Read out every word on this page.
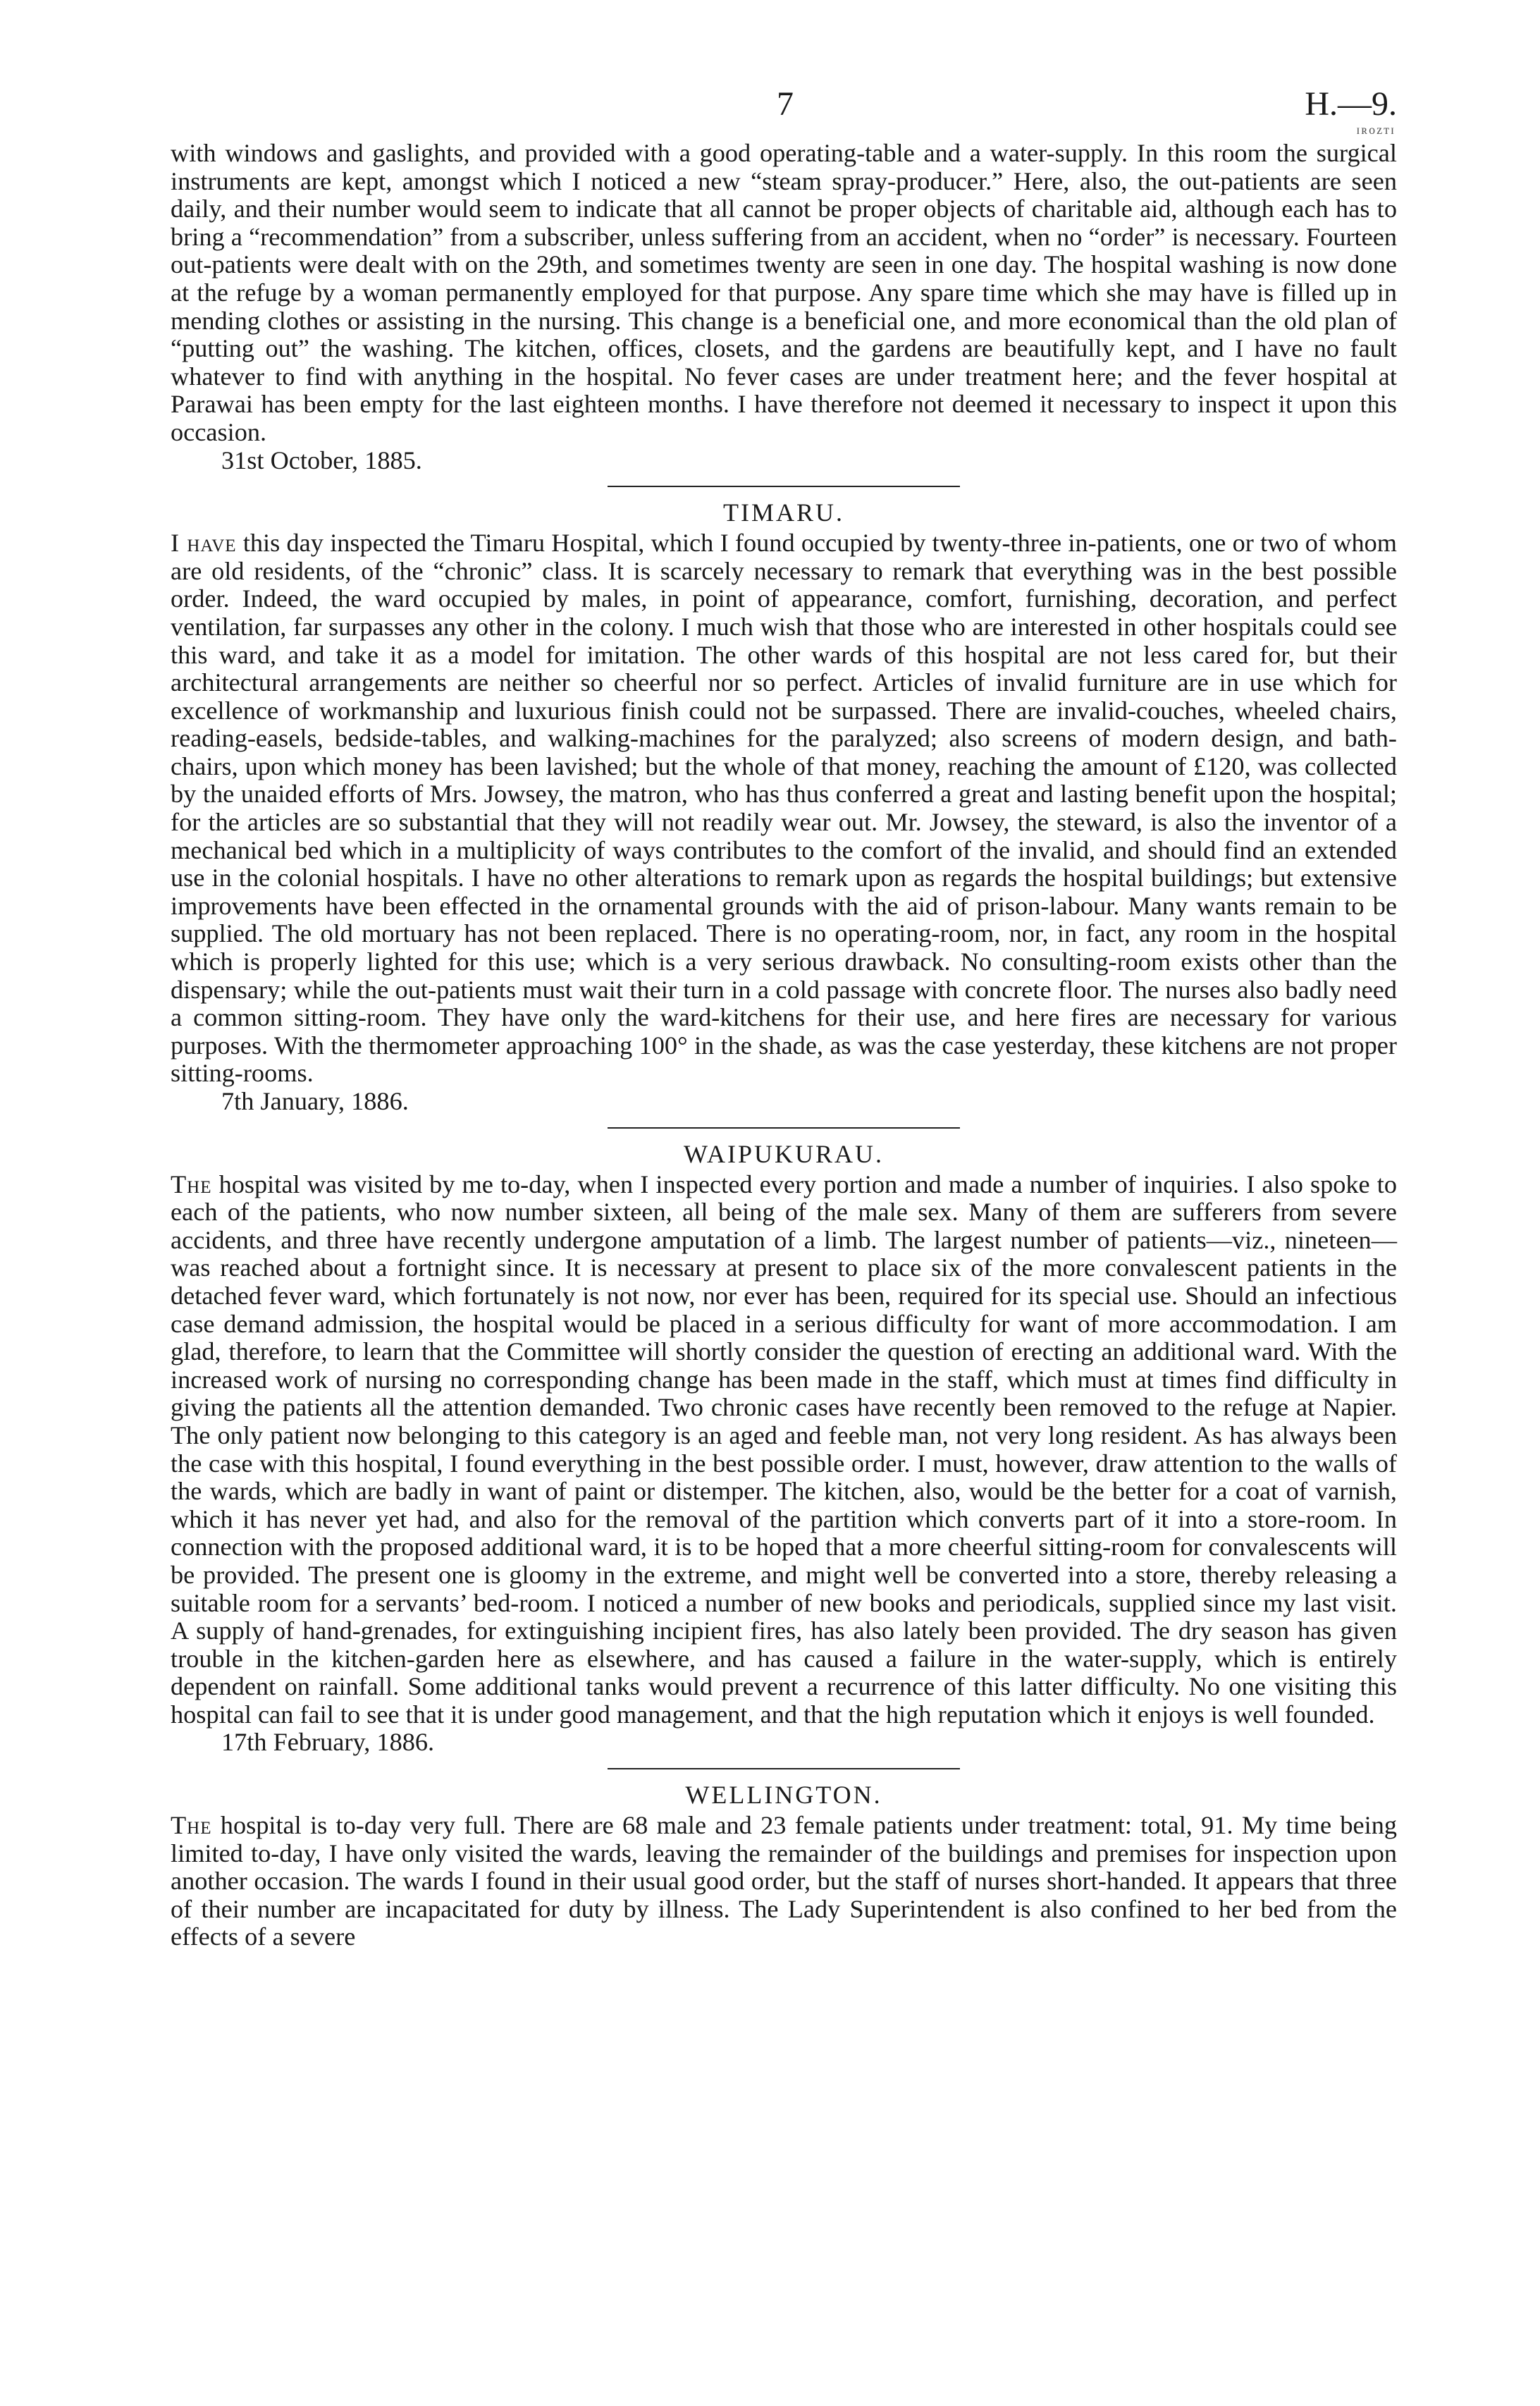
7	H.—9.
ɪʀᴏᴢᴛɪ

with windows and gaslights, and provided with a good operating-table and a water-supply. In this room the surgical instruments are kept, amongst which I noticed a new “steam spray-producer.” Here, also, the out-patients are seen daily, and their number would seem to indicate that all cannot be proper objects of charitable aid, although each has to bring a “recommendation” from a subscriber, unless suffering from an accident, when no “order” is necessary. Fourteen out-patients were dealt with on the 29th, and sometimes twenty are seen in one day. The hospital washing is now done at the refuge by a woman permanently employed for that purpose. Any spare time which she may have is filled up in mending clothes or assisting in the nursing. This change is a beneficial one, and more economical than the old plan of “putting out” the washing. The kitchen, offices, closets, and the gardens are beautifully kept, and I have no fault whatever to find with anything in the hospital. No fever cases are under treatment here; and the fever hospital at Parawai has been empty for the last eighteen months. I have therefore not deemed it necessary to inspect it upon this occasion.

31st October, 1885.
TIMARU.

I have this day inspected the Timaru Hospital, which I found occupied by twenty-three in-patients, one or two of whom are old residents, of the “chronic” class. It is scarcely necessary to remark that everything was in the best possible order. Indeed, the ward occupied by males, in point of appearance, comfort, furnishing, decoration, and perfect ventilation, far surpasses any other in the colony. I much wish that those who are interested in other hospitals could see this ward, and take it as a model for imitation. The other wards of this hospital are not less cared for, but their architectural arrangements are neither so cheerful nor so perfect. Articles of invalid furniture are in use which for excellence of workmanship and luxurious finish could not be surpassed. There are invalid-couches, wheeled chairs, reading-easels, bedside-tables, and walking-machines for the paralyzed; also screens of modern design, and bath-chairs, upon which money has been lavished; but the whole of that money, reaching the amount of £120, was collected by the unaided efforts of Mrs. Jowsey, the matron, who has thus conferred a great and lasting benefit upon the hospital; for the articles are so substantial that they will not readily wear out. Mr. Jowsey, the steward, is also the inventor of a mechanical bed which in a multiplicity of ways contributes to the comfort of the invalid, and should find an extended use in the colonial hospitals. I have no other alterations to remark upon as regards the hospital buildings; but extensive improvements have been effected in the ornamental grounds with the aid of prison-labour. Many wants remain to be supplied. The old mortuary has not been replaced. There is no operating-room, nor, in fact, any room in the hospital which is properly lighted for this use; which is a very serious drawback. No consulting-room exists other than the dispensary; while the out-patients must wait their turn in a cold passage with concrete floor. The nurses also badly need a common sitting-room. They have only the ward-kitchens for their use, and here fires are necessary for various purposes. With the thermometer approaching 100° in the shade, as was the case yesterday, these kitchens are not proper sitting-rooms.

7th January, 1886.
WAIPUKURAU.

The hospital was visited by me to-day, when I inspected every portion and made a number of inquiries. I also spoke to each of the patients, who now number sixteen, all being of the male sex. Many of them are sufferers from severe accidents, and three have recently undergone amputation of a limb. The largest number of patients—viz., nineteen—was reached about a fortnight since. It is necessary at present to place six of the more convalescent patients in the detached fever ward, which fortunately is not now, nor ever has been, required for its special use. Should an infectious case demand admission, the hospital would be placed in a serious difficulty for want of more accommodation. I am glad, therefore, to learn that the Committee will shortly consider the question of erecting an additional ward. With the increased work of nursing no corresponding change has been made in the staff, which must at times find difficulty in giving the patients all the attention demanded. Two chronic cases have recently been removed to the refuge at Napier. The only patient now belonging to this category is an aged and feeble man, not very long resident. As has always been the case with this hospital, I found everything in the best possible order. I must, however, draw attention to the walls of the wards, which are badly in want of paint or distemper. The kitchen, also, would be the better for a coat of varnish, which it has never yet had, and also for the removal of the partition which converts part of it into a store-room. In connection with the proposed additional ward, it is to be hoped that a more cheerful sitting-room for convalescents will be provided. The present one is gloomy in the extreme, and might well be converted into a store, thereby releasing a suitable room for a servants’ bed-room. I noticed a number of new books and periodicals, supplied since my last visit. A supply of hand-grenades, for extinguishing incipient fires, has also lately been provided. The dry season has given trouble in the kitchen-garden here as elsewhere, and has caused a failure in the water-supply, which is entirely dependent on rainfall. Some additional tanks would prevent a recurrence of this latter difficulty. No one visiting this hospital can fail to see that it is under good management, and that the high reputation which it enjoys is well founded.

17th February, 1886.
WELLINGTON.

The hospital is to-day very full. There are 68 male and 23 female patients under treatment: total, 91. My time being limited to-day, I have only visited the wards, leaving the remainder of the buildings and premises for inspection upon another occasion. The wards I found in their usual good order, but the staff of nurses short-handed. It appears that three of their number are incapacitated for duty by illness. The Lady Superintendent is also confined to her bed from the effects of a severe
